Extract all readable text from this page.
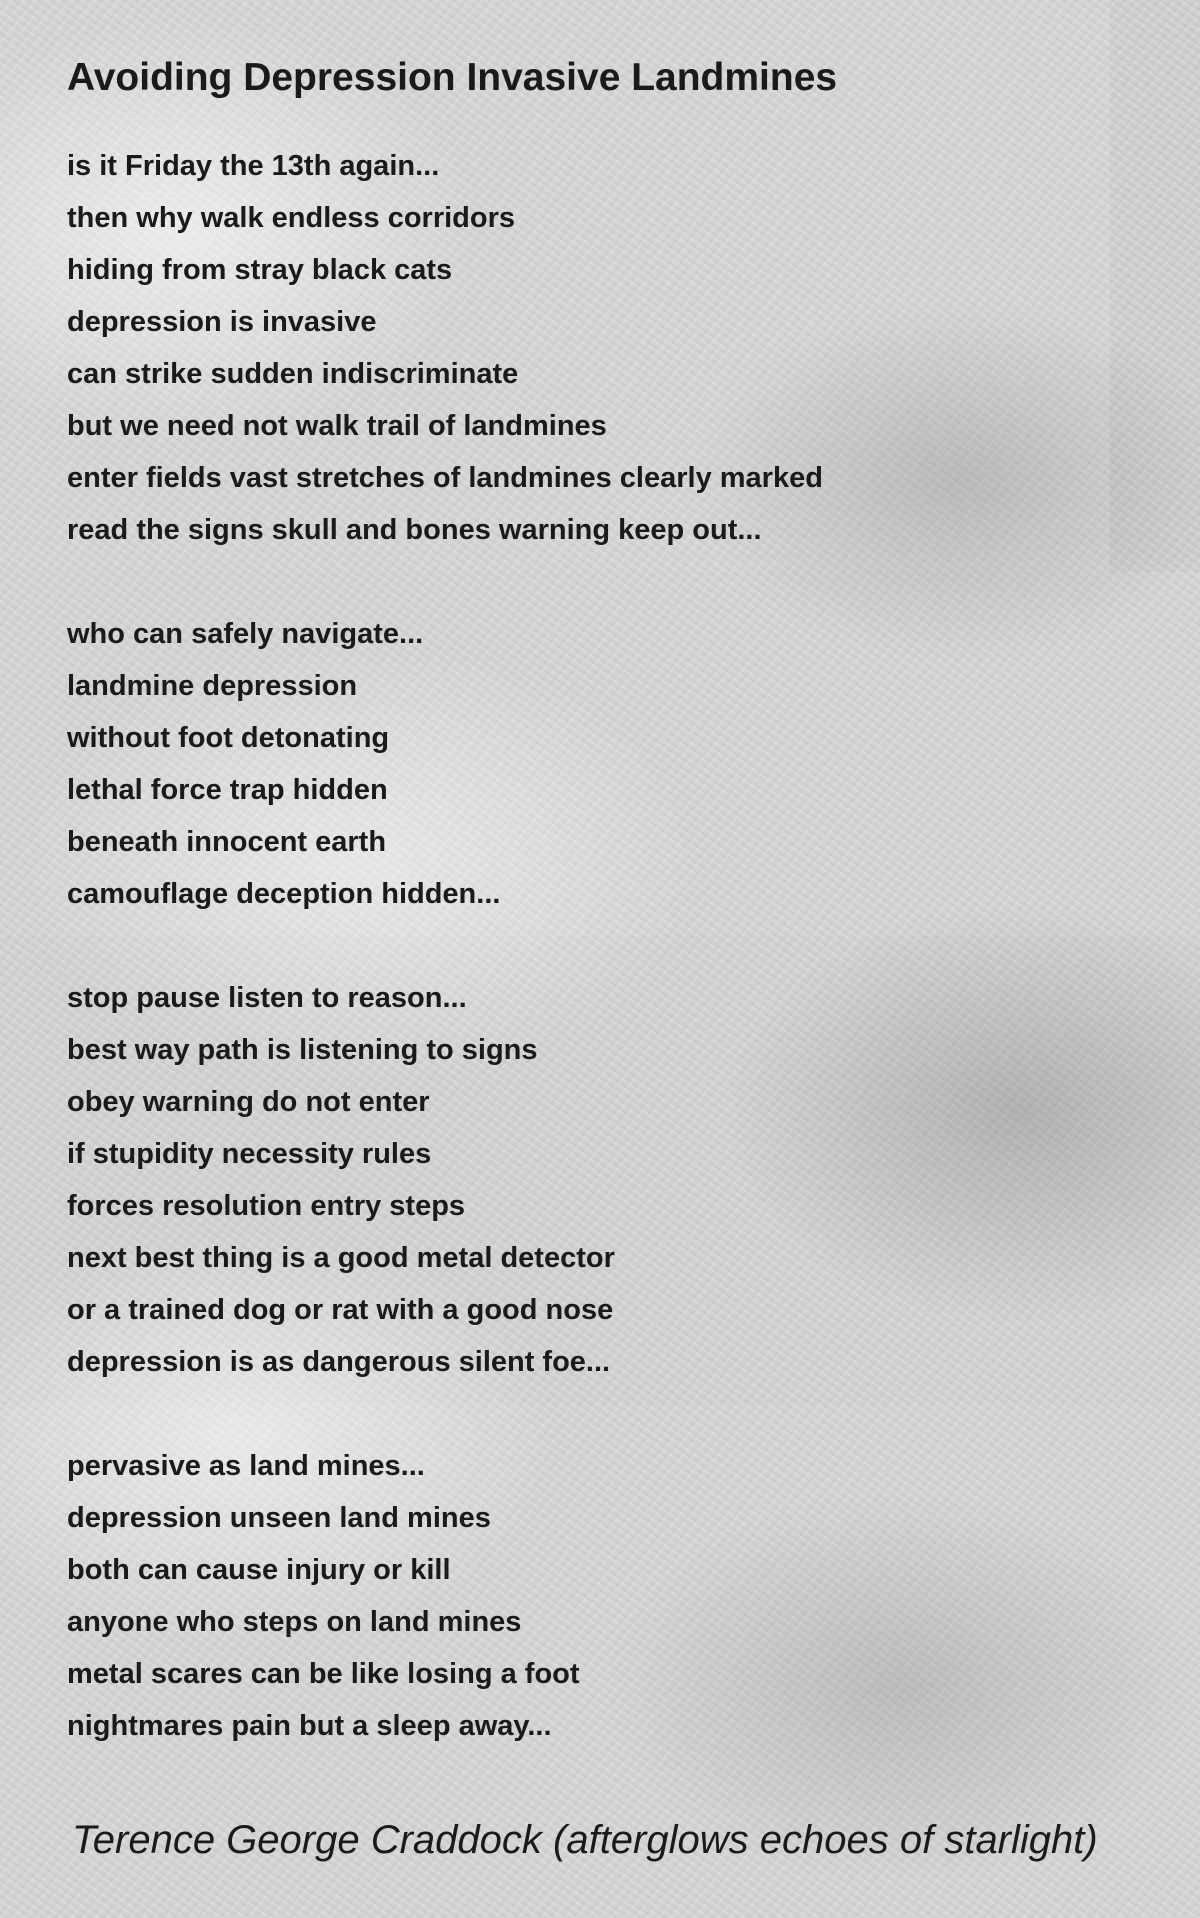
Avoiding Depression Invasive Landmines
is it Friday the 13th again...
then why walk endless corridors
hiding from stray black cats
depression is invasive
can strike sudden indiscriminate
but we need not walk trail of landmines
enter fields vast stretches of landmines clearly marked
read the signs skull and bones warning keep out...
who can safely navigate...
landmine depression
without foot detonating
lethal force trap hidden
beneath innocent earth
camouflage deception hidden...
stop pause listen to reason...
best way path is listening to signs
obey warning do not enter
if stupidity necessity rules
forces resolution entry steps
next best thing is a good metal detector
or a trained dog or rat with a good nose
depression is as dangerous silent foe...
pervasive as land mines...
depression unseen land mines
both can cause injury or kill
anyone who steps on land mines
metal scares can be like losing a foot
nightmares pain but a sleep away...
Terence George Craddock (afterglows echoes of starlight)
